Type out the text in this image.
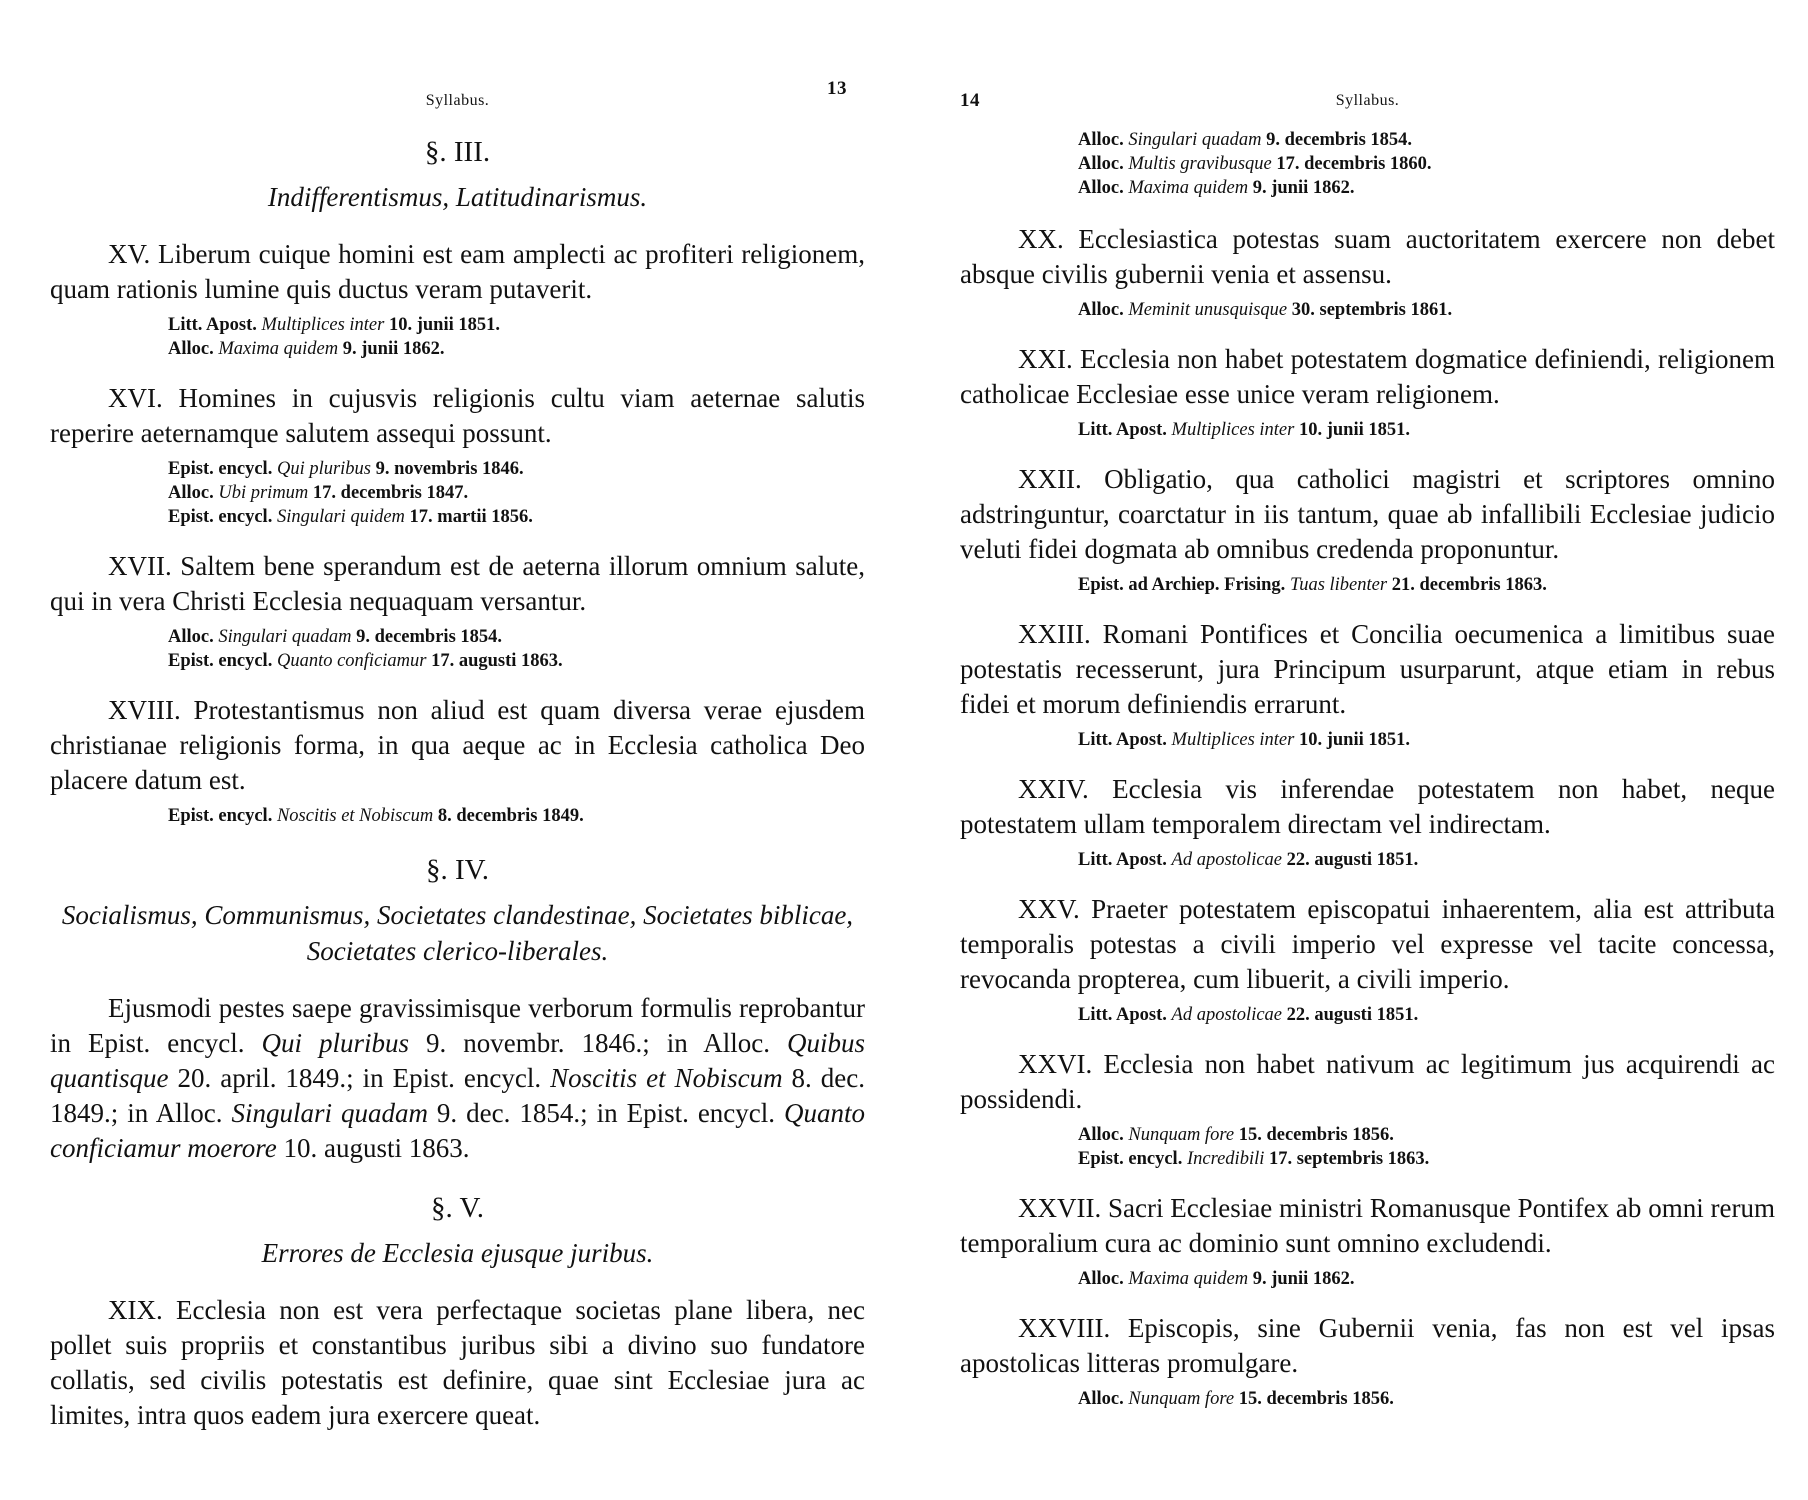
Syllabus.
13
§. III.
Indifferentismus, Latitudinarismus.

XV. Liberum cuique homini est eam amplecti ac profiteri religionem, quam rationis lumine quis ductus veram putaverit.

Litt. Apost. Multiplices inter 10. junii 1851.
Alloc. Maxima quidem 9. junii 1862.

XVI. Homines in cujusvis religionis cultu viam aeternae salutis reperire aeternamque salutem assequi possunt.

Epist. encycl. Qui pluribus 9. novembris 1846.
Alloc. Ubi primum 17. decembris 1847.
Epist. encycl. Singulari quidem 17. martii 1856.

XVII. Saltem bene sperandum est de aeterna illorum omnium salute, qui in vera Christi Ecclesia nequaquam versantur.

Alloc. Singulari quadam 9. decembris 1854.
Epist. encycl. Quanto conficiamur 17. augusti 1863.

XVIII. Protestantismus non aliud est quam diversa verae ejusdem christianae religionis forma, in qua aeque ac in Ecclesia catholica Deo placere datum est.

Epist. encycl. Noscitis et Nobiscum 8. decembris 1849.
§. IV.
Socialismus, Communismus, Societates clandestinae, Societates biblicae, Societates clerico-liberales.

Ejusmodi pestes saepe gravissimisque verborum formulis reprobantur in Epist. encycl. Qui pluribus 9. novembr. 1846.; in Alloc. Quibus quantisque 20. april. 1849.; in Epist. encycl. Noscitis et Nobiscum 8. dec. 1849.; in Alloc. Singulari quadam 9. dec. 1854.; in Epist. encycl. Quanto conficiamur moerore 10. augusti 1863.

§. V.
Errores de Ecclesia ejusque juribus.

XIX. Ecclesia non est vera perfectaque societas plane libera, nec pollet suis propriis et constantibus juribus sibi a divino suo fundatore collatis, sed civilis potestatis est definire, quae sint Ecclesiae jura ac limites, intra quos eadem jura exercere queat.

14	Syllabus.
Alloc. Singulari quadam 9. decembris 1854.
Alloc. Multis gravibusque 17. decembris 1860.
Alloc. Maxima quidem 9. junii 1862.

XX. Ecclesiastica potestas suam auctoritatem exercere non debet absque civilis gubernii venia et assensu.

Alloc. Meminit unusquisque 30. septembris 1861.

XXI. Ecclesia non habet potestatem dogmatice definiendi, religionem catholicae Ecclesiae esse unice veram religionem.

Litt. Apost. Multiplices inter 10. junii 1851.

XXII. Obligatio, qua catholici magistri et scriptores omnino adstringuntur, coarctatur in iis tantum, quae ab infallibili Ecclesiae judicio veluti fidei dogmata ab omnibus credenda proponuntur.

Epist. ad Archiep. Frising. Tuas libenter 21. decembris 1863.

XXIII. Romani Pontifices et Concilia oecumenica a limitibus suae potestatis recesserunt, jura Principum usurparunt, atque etiam in rebus fidei et morum definiendis errarunt.

Litt. Apost. Multiplices inter 10. junii 1851.

XXIV. Ecclesia vis inferendae potestatem non habet, neque potestatem ullam temporalem directam vel indirectam.

Litt. Apost. Ad apostolicae 22. augusti 1851.

XXV. Praeter potestatem episcopatui inhaerentem, alia est attributa temporalis potestas a civili imperio vel expresse vel tacite concessa, revocanda propterea, cum libuerit, a civili imperio.

Litt. Apost. Ad apostolicae 22. augusti 1851.

XXVI. Ecclesia non habet nativum ac legitimum jus acquirendi ac possidendi.

Alloc. Nunquam fore 15. decembris 1856.
Epist. encycl. Incredibili 17. septembris 1863.

XXVII. Sacri Ecclesiae ministri Romanusque Pontifex ab omni rerum temporalium cura ac dominio sunt omnino excludendi.

Alloc. Maxima quidem 9. junii 1862.

XXVIII. Episcopis, sine Gubernii venia, fas non est vel ipsas apostolicas litteras promulgare.

Alloc. Nunquam fore 15. decembris 1856.
